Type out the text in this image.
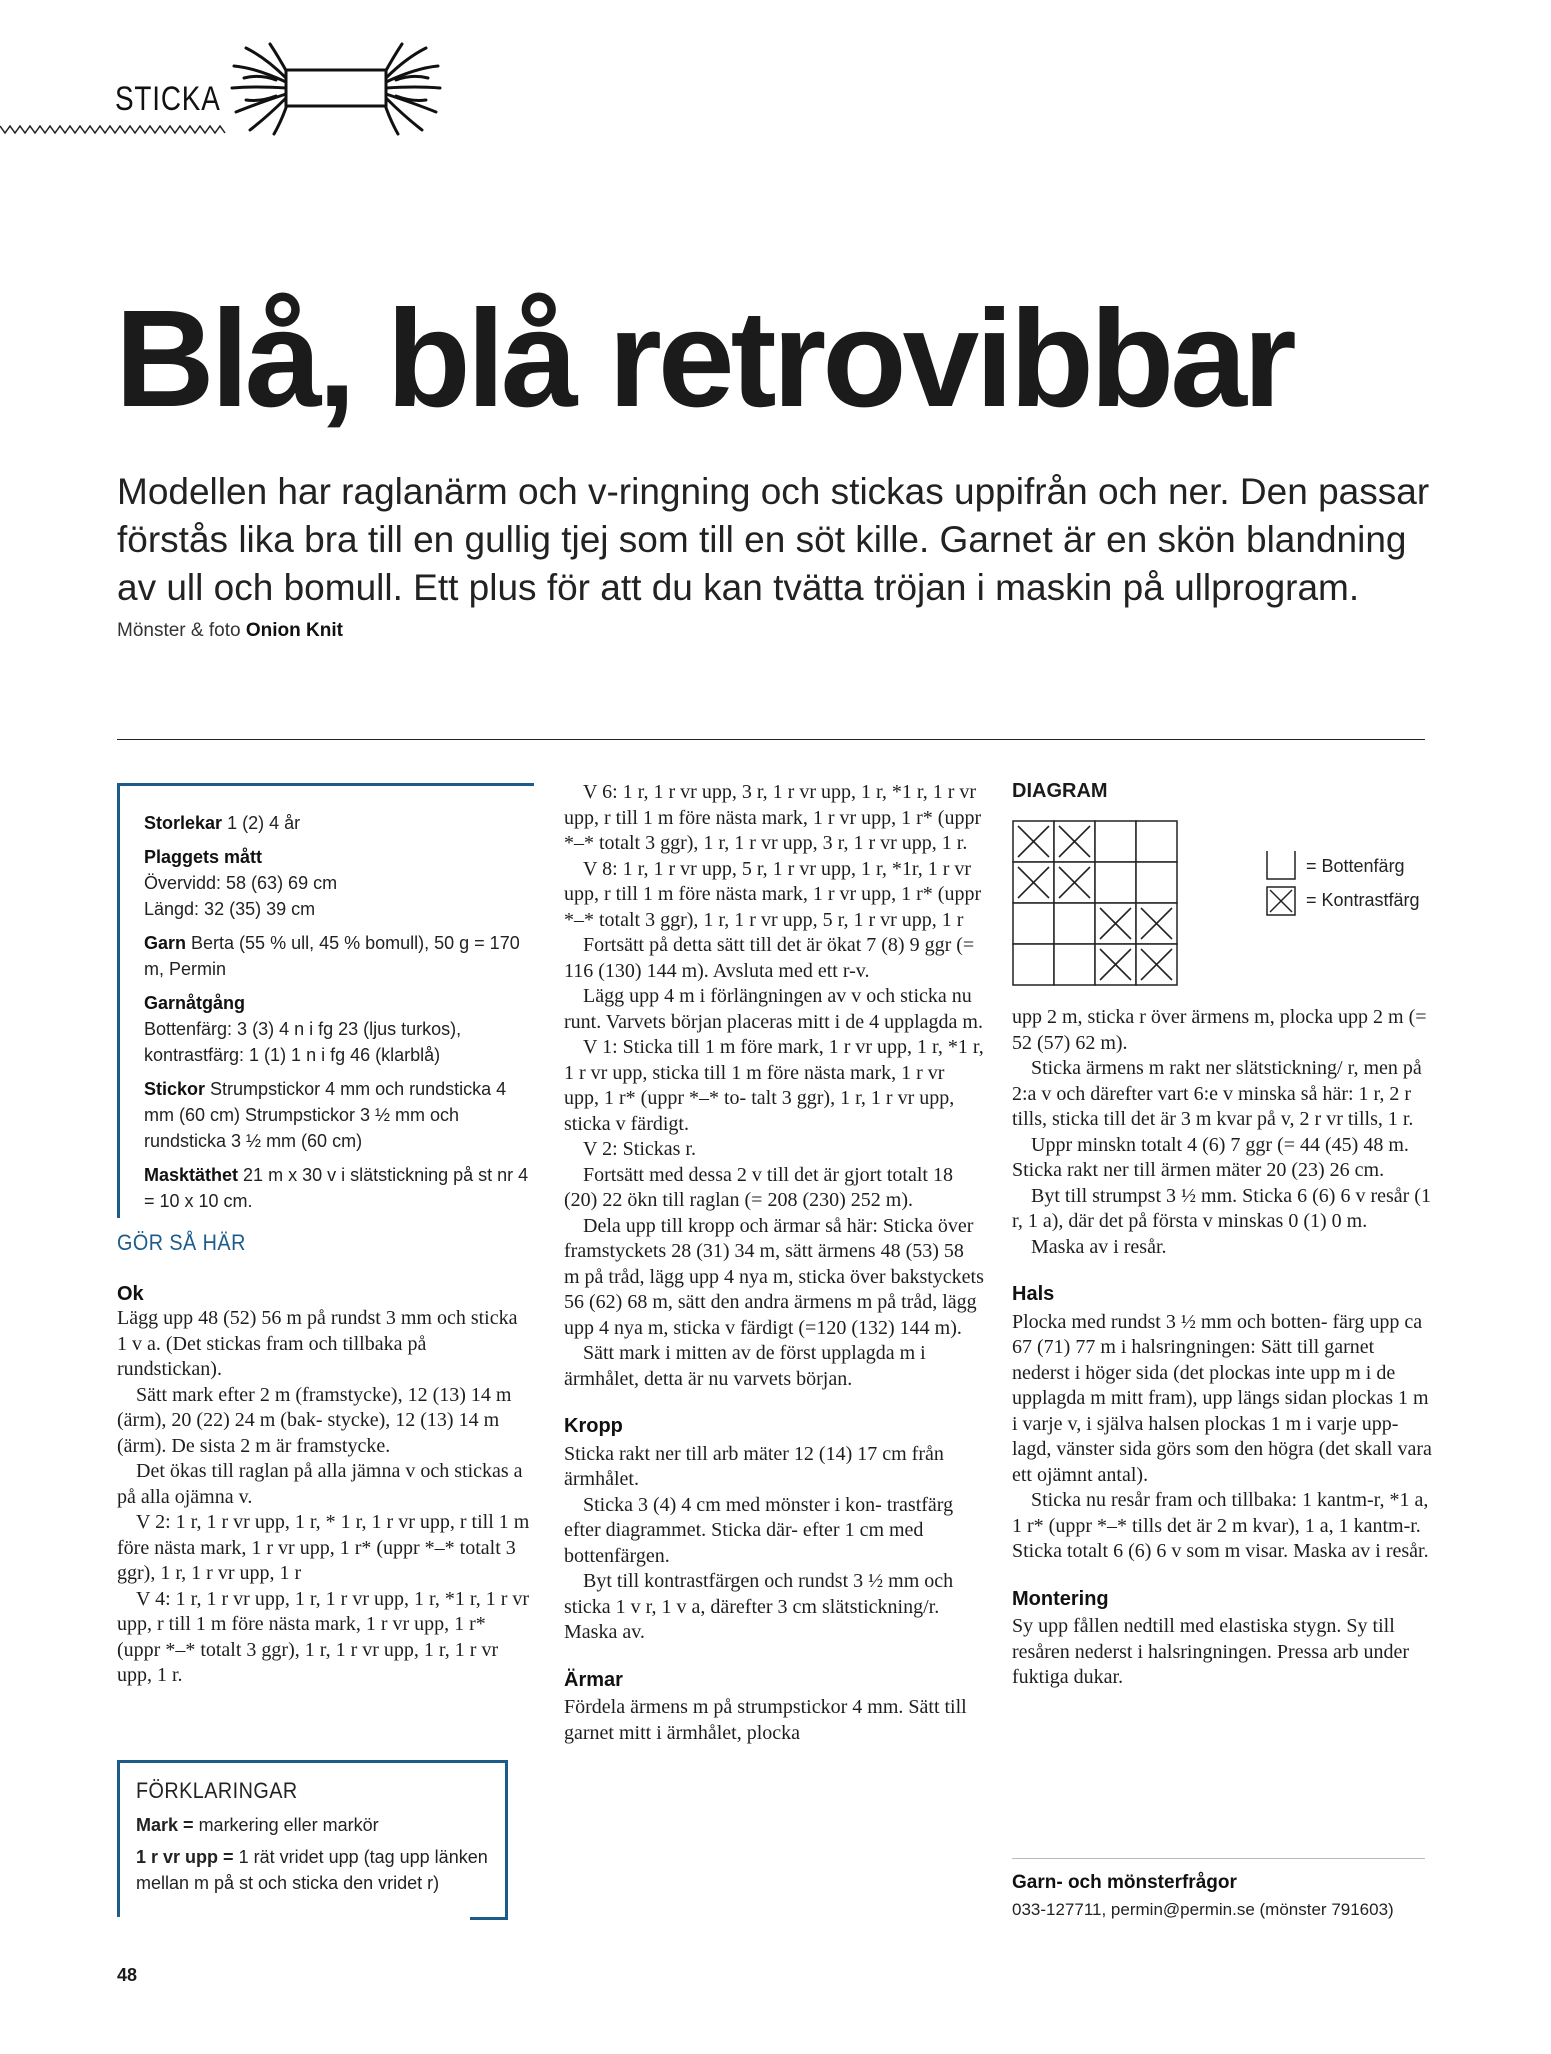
STICKA
Blå, blå retrovibbar

Modellen har raglanärm och v-ringning och stickas uppifrån och ner. Den passar förstås lika bra till en gullig tjej som till en söt kille. Garnet är en skön blandning av ull och bomull. Ett plus för att du kan tvätta tröjan i maskin på ullprogram.

Mönster & foto Onion Knit
Storlekar 1 (2) 4 år
Plaggets mått
Övervidd: 58 (63) 69 cm
Längd: 32 (35) 39 cm
Garn Berta (55 % ull, 45 % bomull), 50 g = 170 m, Permin
Garnåtgång
Bottenfärg: 3 (3) 4 n i fg 23 (ljus turkos),
kontrastfärg: 1 (1) 1 n i fg 46 (klarblå)
Stickor Strumpstickor 4 mm och rundsticka 4 mm (60 cm) Strumpstickor 3 ½ mm och rundsticka 3 ½ mm (60 cm)
Masktäthet 21 m x 30 v i slätstickning på st nr 4 = 10 x 10 cm.
GÖR SÅ HÄR
Ok

Lägg upp 48 (52) 56 m på rundst 3 mm och sticka 1 v a. (Det stickas fram och tillbaka på rundstickan).

Sätt mark efter 2 m (framstycke), 12 (13) 14 m (ärm), 20 (22) 24 m (bak- stycke), 12 (13) 14 m (ärm). De sista 2 m är framstycke.

Det ökas till raglan på alla jämna v och stickas a på alla ojämna v.

V 2: 1 r, 1 r vr upp, 1 r, * 1 r, 1 r vr upp, r till 1 m före nästa mark, 1 r vr upp, 1 r* (uppr *–* totalt 3 ggr), 1 r, 1 r vr upp, 1 r

V 4: 1 r, 1 r vr upp, 1 r, 1 r vr upp, 1 r, *1 r, 1 r vr upp, r till 1 m före nästa mark, 1 r vr upp, 1 r* (uppr *–* totalt 3 ggr), 1 r, 1 r vr upp, 1 r, 1 r vr upp, 1 r.

FÖRKLARINGAR
Mark = markering eller markör
1 r vr upp = 1 rät vridet upp (tag upp länken mellan m på st och sticka den vridet r)
48

V 6: 1 r, 1 r vr upp, 3 r, 1 r vr upp, 1 r, *1 r, 1 r vr upp, r till 1 m före nästa mark, 1 r vr upp, 1 r* (uppr *–* totalt 3 ggr), 1 r, 1 r vr upp, 3 r, 1 r vr upp, 1 r.

V 8: 1 r, 1 r vr upp, 5 r, 1 r vr upp, 1 r, *1r, 1 r vr upp, r till 1 m före nästa mark, 1 r vr upp, 1 r* (uppr *–* totalt 3 ggr), 1 r, 1 r vr upp, 5 r, 1 r vr upp, 1 r

Fortsätt på detta sätt till det är ökat 7 (8) 9 ggr (= 116 (130) 144 m). Avsluta med ett r-v.

Lägg upp 4 m i förlängningen av v och sticka nu runt. Varvets början placeras mitt i de 4 upplagda m.

V 1: Sticka till 1 m före mark, 1 r vr upp, 1 r, *1 r, 1 r vr upp, sticka till 1 m före nästa mark, 1 r vr upp, 1 r* (uppr *–* to- talt 3 ggr), 1 r, 1 r vr upp, sticka v färdigt.

V 2: Stickas r.

Fortsätt med dessa 2 v till det är gjort totalt 18 (20) 22 ökn till raglan (= 208 (230) 252 m).

Dela upp till kropp och ärmar så här: Sticka över framstyckets 28 (31) 34 m, sätt ärmens 48 (53) 58 m på tråd, lägg upp 4 nya m, sticka över bakstyckets 56 (62) 68 m, sätt den andra ärmens m på tråd, lägg upp 4 nya m, sticka v färdigt (=120 (132) 144 m).

Sätt mark i mitten av de först upplagda m i ärmhålet, detta är nu varvets början.

Kropp

Sticka rakt ner till arb mäter 12 (14) 17 cm från ärmhålet.

Sticka 3 (4) 4 cm med mönster i kon- trastfärg efter diagrammet. Sticka där- efter 1 cm med bottenfärgen.

Byt till kontrastfärgen och rundst 3 ½ mm och sticka 1 v r, 1 v a, därefter 3 cm slätstickning/r. Maska av.

Ärmar

Fördela ärmens m på strumpstickor 4 mm. Sätt till garnet mitt i ärmhålet, plocka

DIAGRAM
= Bottenfärg
= Kontrastfärg

upp 2 m, sticka r över ärmens m, plocka upp 2 m (= 52 (57) 62 m).

Sticka ärmens m rakt ner slätstickning/ r, men på 2:a v och därefter vart 6:e v minska så här: 1 r, 2 r tills, sticka till det är 3 m kvar på v, 2 r vr tills, 1 r.

Uppr minskn totalt 4 (6) 7 ggr (= 44 (45) 48 m. Sticka rakt ner till ärmen mäter 20 (23) 26 cm.

Byt till strumpst 3 ½ mm. Sticka 6 (6) 6 v resår (1 r, 1 a), där det på första v minskas 0 (1) 0 m.

Maska av i resår.

Hals

Plocka med rundst 3 ½ mm och botten- färg upp ca 67 (71) 77 m i halsringningen: Sätt till garnet nederst i höger sida (det plockas inte upp m i de upplagda m mitt fram), upp längs sidan plockas 1 m i varje v, i själva halsen plockas 1 m i varje upp- lagd, vänster sida görs som den högra (det skall vara ett ojämnt antal).

Sticka nu resår fram och tillbaka: 1 kantm-r, *1 a, 1 r* (uppr *–* tills det är 2 m kvar), 1 a, 1 kantm-r. Sticka totalt 6 (6) 6 v som m visar. Maska av i resår.

Montering

Sy upp fållen nedtill med elastiska stygn. Sy till resåren nederst i halsringningen. Pressa arb under fuktiga dukar.

Garn- och mönsterfrågor
033-127711, permin@permin.se (mönster 791603)
